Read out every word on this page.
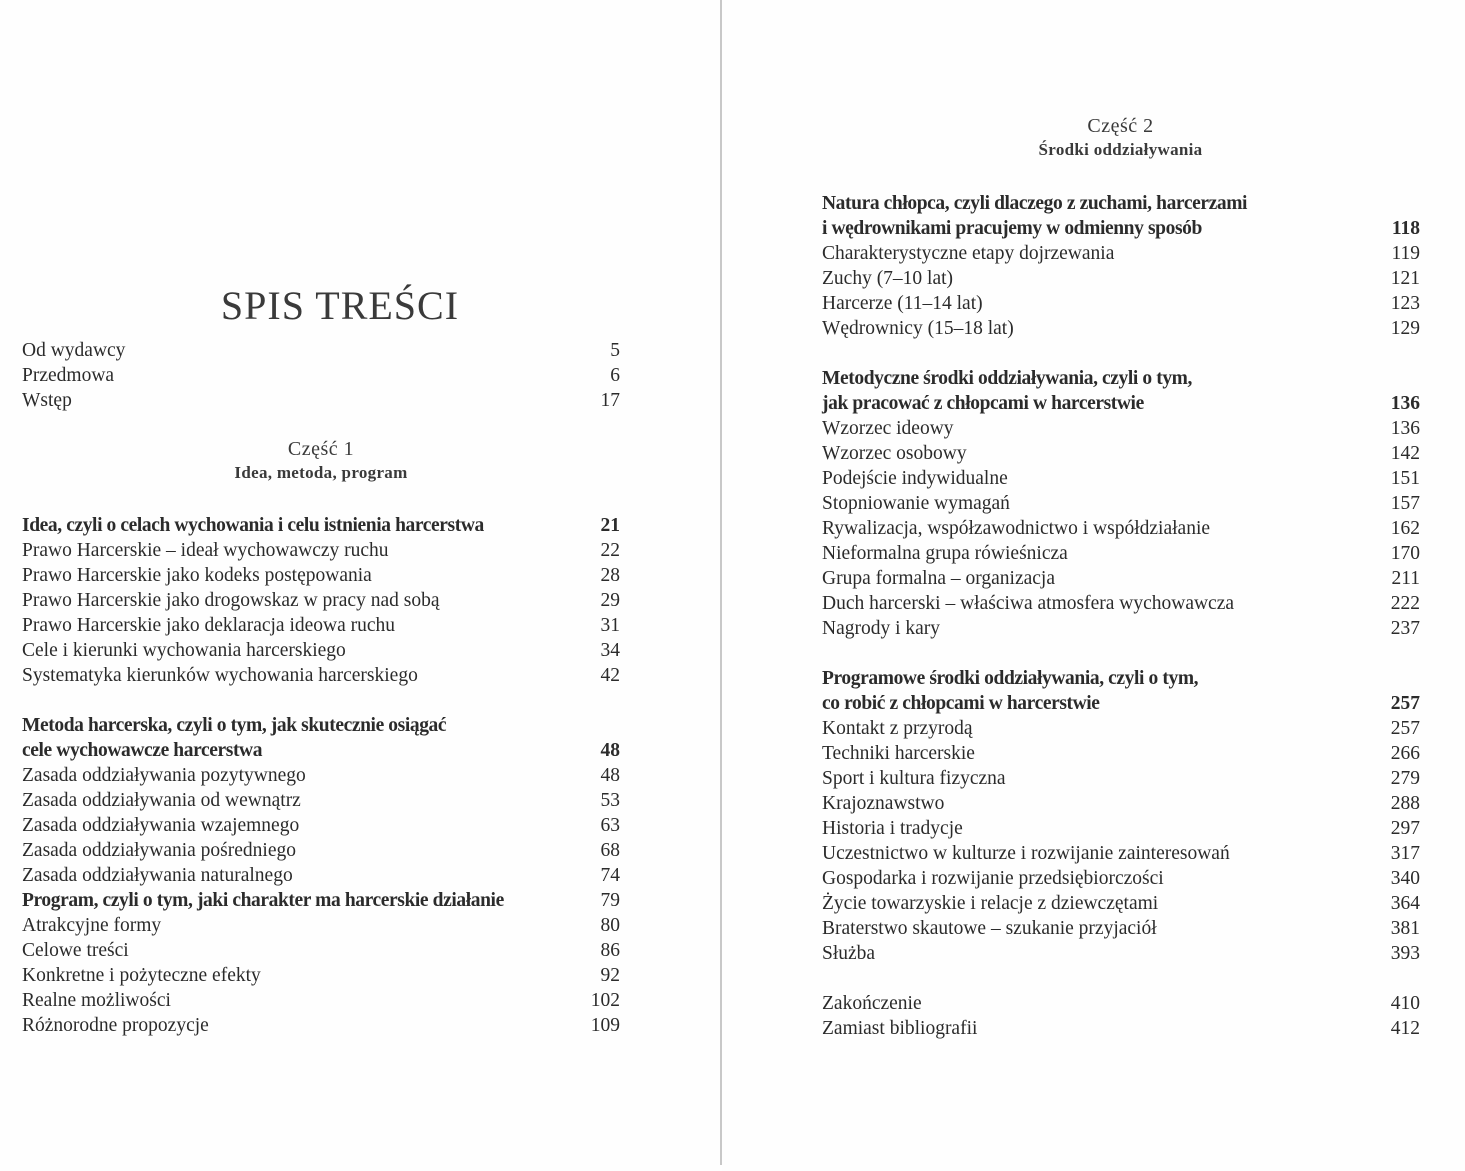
SPIS TREŚCI
Od wydawcy	5
Przedmowa	6
Wstęp	17
Część 1
Idea, metoda, program
Idea, czyli o celach wychowania i celu istnienia harcerstwa	21
Prawo Harcerskie – ideał wychowawczy ruchu	22
Prawo Harcerskie jako kodeks postępowania	28
Prawo Harcerskie jako drogowskaz w pracy nad sobą	29
Prawo Harcerskie jako deklaracja ideowa ruchu	31
Cele i kierunki wychowania harcerskiego	34
Systematyka kierunków wychowania harcerskiego	42
Metoda harcerska, czyli o tym, jak skutecznie osiągać
cele wychowawcze harcerstwa	48
Zasada oddziaływania pozytywnego	48
Zasada oddziaływania od wewnątrz	53
Zasada oddziaływania wzajemnego	63
Zasada oddziaływania pośredniego	68
Zasada oddziaływania naturalnego	74
Program, czyli o tym, jaki charakter ma harcerskie działanie	79
Atrakcyjne formy	80
Celowe treści	86
Konkretne i pożyteczne efekty	92
Realne możliwości	102
Różnorodne propozycje	109
Część 2
Środki oddziaływania
Natura chłopca, czyli dlaczego z zuchami, harcerzami
i wędrownikami pracujemy w odmienny sposób	118
Charakterystyczne etapy dojrzewania	119
Zuchy (7–10 lat)	121
Harcerze (11–14 lat)	123
Wędrownicy (15–18 lat)	129
Metodyczne środki oddziaływania, czyli o tym,
jak pracować z chłopcami w harcerstwie	136
Wzorzec ideowy	136
Wzorzec osobowy	142
Podejście indywidualne	151
Stopniowanie wymagań	157
Rywalizacja, współzawodnictwo i współdziałanie	162
Nieformalna grupa rówieśnicza	170
Grupa formalna – organizacja	211
Duch harcerski – właściwa atmosfera wychowawcza	222
Nagrody i kary	237
Programowe środki oddziaływania, czyli o tym,
co robić z chłopcami w harcerstwie	257
Kontakt z przyrodą	257
Techniki harcerskie	266
Sport i kultura fizyczna	279
Krajoznawstwo	288
Historia i tradycje	297
Uczestnictwo w kulturze i rozwijanie zainteresowań	317
Gospodarka i rozwijanie przedsiębiorczości	340
Życie towarzyskie i relacje z dziewczętami	364
Braterstwo skautowe – szukanie przyjaciół	381
Służba	393
Zakończenie	410
Zamiast bibliografii	412
